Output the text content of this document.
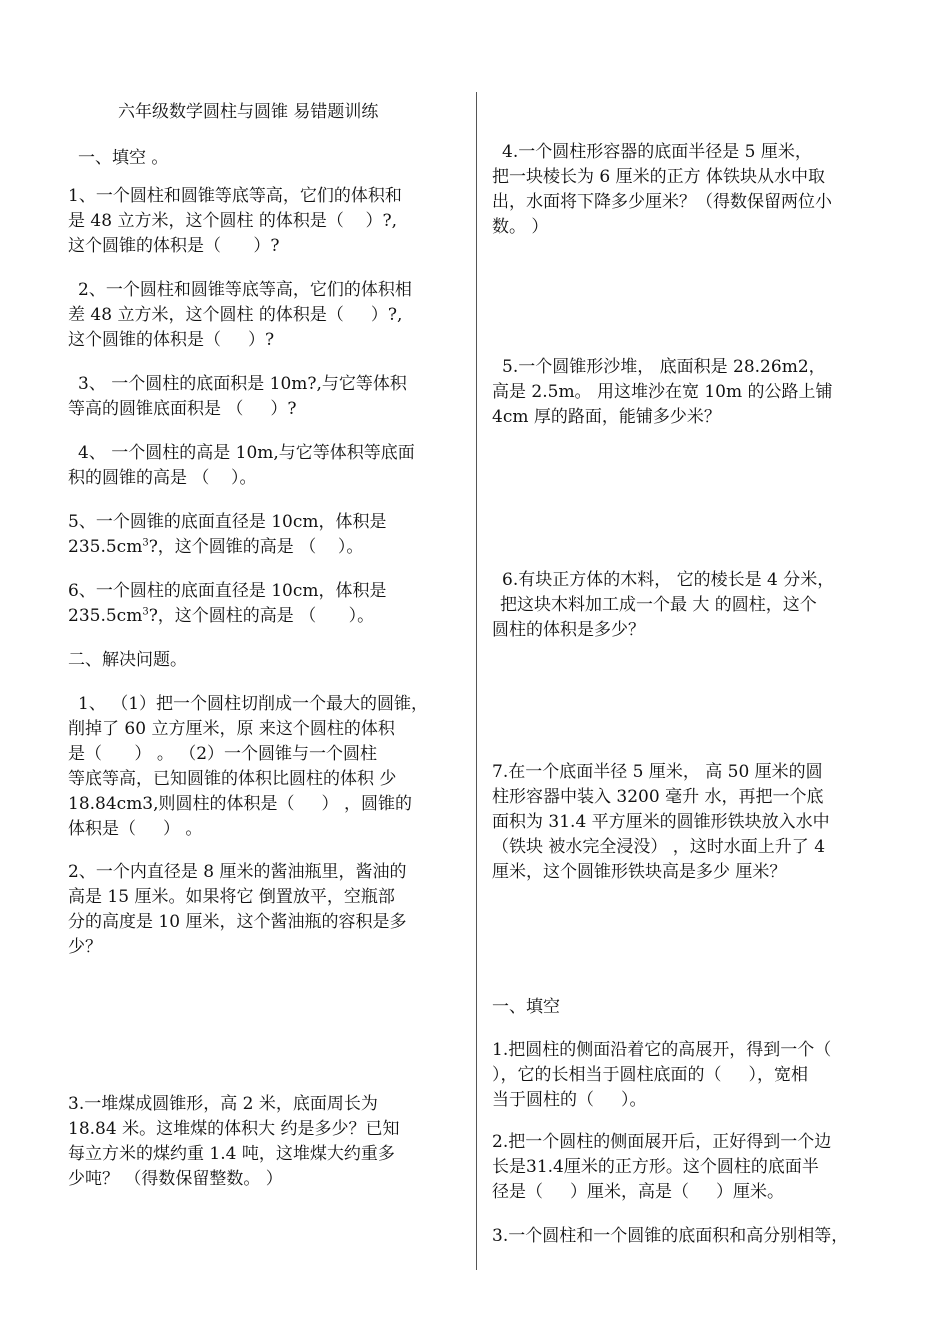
六年级数学圆柱与圆锥 易错题训练
一、填空 。
1、一个圆柱和圆锥等底等高，它们的体积和
是 48 立方米，这个圆柱 的体积是（    ）?,
这个圆锥的体积是（      ）?
2、一个圆柱和圆锥等底等高，它们的体积相
差 48 立方米，这个圆柱 的体积是（     ）?,
这个圆锥的体积是（     ）?
3、 一个圆柱的底面积是 10m?,与它等体积
等高的圆锥底面积是 （     ）?
4、 一个圆柱的高是 10m,与它等体积等底面
积的圆锥的高是 （    ）。
5、一个圆锥的底面直径是 10cm，体积是
$235.5cm^3$?，这个圆锥的高是 （    ）。
6、一个圆柱的底面直径是 10cm，体积是
$235.5cm^3$?，这个圆柱的高是 （      ）。
二、解决问题。
1、 （1）把一个圆柱切削成一个最大的圆锥，
削掉了 60 立方厘米，原 来这个圆柱的体积
是（      ） 。 （2）一个圆锥与一个圆柱
等底等高，已知圆锥的体积比圆柱的体积 少
18.84cm3,则圆柱的体积是（     ） ，圆锥的
体积是（     ） 。
2、一个内直径是 8 厘米的酱油瓶里，酱油的
高是 15 厘米。如果将它 倒置放平，空瓶部
分的高度是 10 厘米，这个酱油瓶的容积是多
少？
3.一堆煤成圆锥形，高 2 米，底面周长为
18.84 米。这堆煤的体积大 约是多少？已知
每立方米的煤约重 1.4 吨，这堆煤大约重多
少吨？ （得数保留整数。 ）
4.一个圆柱形容器的底面半径是 5 厘米，
把一块棱长为 6 厘米的正方 体铁块从水中取
出，水面将下降多少厘米？（得数保留两位小
数。 ）
5.一个圆锥形沙堆， 底面积是 28.26m2，
高是 2.5m。 用这堆沙在宽 10m 的公路上铺
4cm 厚的路面，能铺多少米？
6.有块正方体的木料， 它的棱长是 4 分米，
把这块木料加工成一个最 大 的圆柱，这个
圆柱的体积是多少？
7.在一个底面半径 5 厘米， 高 50 厘米的圆
柱形容器中装入 3200 毫升 水，再把一个底
面积为 31.4 平方厘米的圆锥形铁块放入水中
（铁块 被水完全浸没） ，这时水面上升了 4
厘米，这个圆锥形铁块高是多少 厘米？
一、填空
1.把圆柱的侧面沿着它的高展开，得到一个（
），它的长相当于圆柱底面的（     ），宽相
当于圆柱的（     ）。
2.把一个圆柱的侧面展开后，正好得到一个边
长是31.4厘米的正方形。这个圆柱的底面半
径是（     ）厘米，高是（     ）厘米。
3.一个圆柱和一个圆锥的底面积和高分别相等，
